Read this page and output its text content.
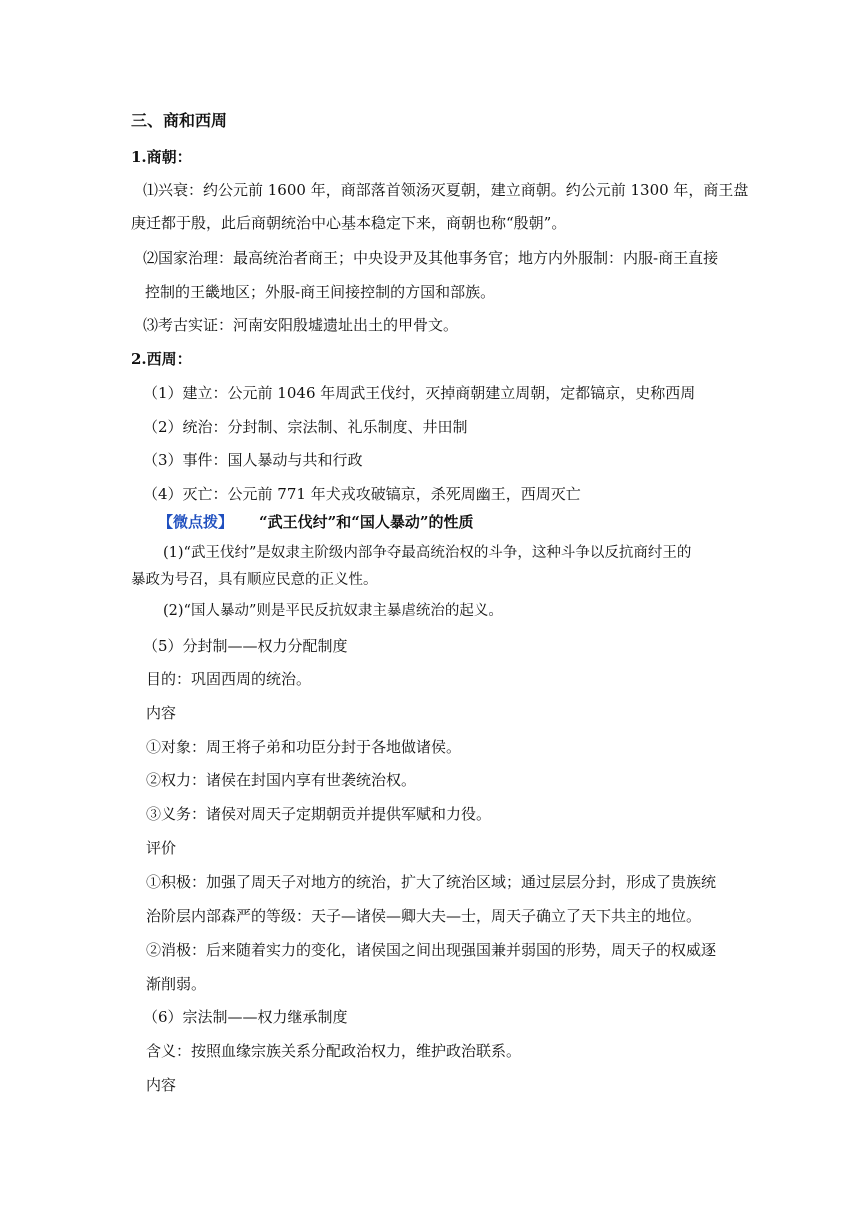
三、商和西周
1.商朝：
⑴兴衰：约公元前 1600 年，商部落首领汤灭夏朝，建立商朝。约公元前 1300 年，商王盘
庚迁都于殷，此后商朝统治中心基本稳定下来，商朝也称“殷朝”。
⑵国家治理：最高统治者商王；中央设尹及其他事务官；地方内外服制：内服-商王直接
控制的王畿地区；外服-商王间接控制的方国和部族。
⑶考古实证：河南安阳殷墟遗址出土的甲骨文。
2.西周：
（1）建立：公元前 1046 年周武王伐纣，灭掉商朝建立周朝，定都镐京，史称西周
（2）统治：分封制、宗法制、礼乐制度、井田制
（3）事件：国人暴动与共和行政
（4）灭亡：公元前 771 年犬戎攻破镐京，杀死周幽王，西周灭亡
【微点拨】 “武王伐纣”和“国人暴动”的性质
(1)“武王伐纣”是奴隶主阶级内部争夺最高统治权的斗争，这种斗争以反抗商纣王的
暴政为号召，具有顺应民意的正义性。
(2)“国人暴动”则是平民反抗奴隶主暴虐统治的起义。
（5）分封制——权力分配制度
目的：巩固西周的统治。
内容
①对象：周王将子弟和功臣分封于各地做诸侯。
②权力：诸侯在封国内享有世袭统治权。
③义务：诸侯对周天子定期朝贡并提供军赋和力役。
评价
①积极：加强了周天子对地方的统治，扩大了统治区域；通过层层分封，形成了贵族统
治阶层内部森严的等级：天子—诸侯—卿大夫—士，周天子确立了天下共主的地位。
②消极：后来随着实力的变化，诸侯国之间出现强国兼并弱国的形势，周天子的权威逐
渐削弱。
（6）宗法制——权力继承制度
含义：按照血缘宗族关系分配政治权力，维护政治联系。
内容
